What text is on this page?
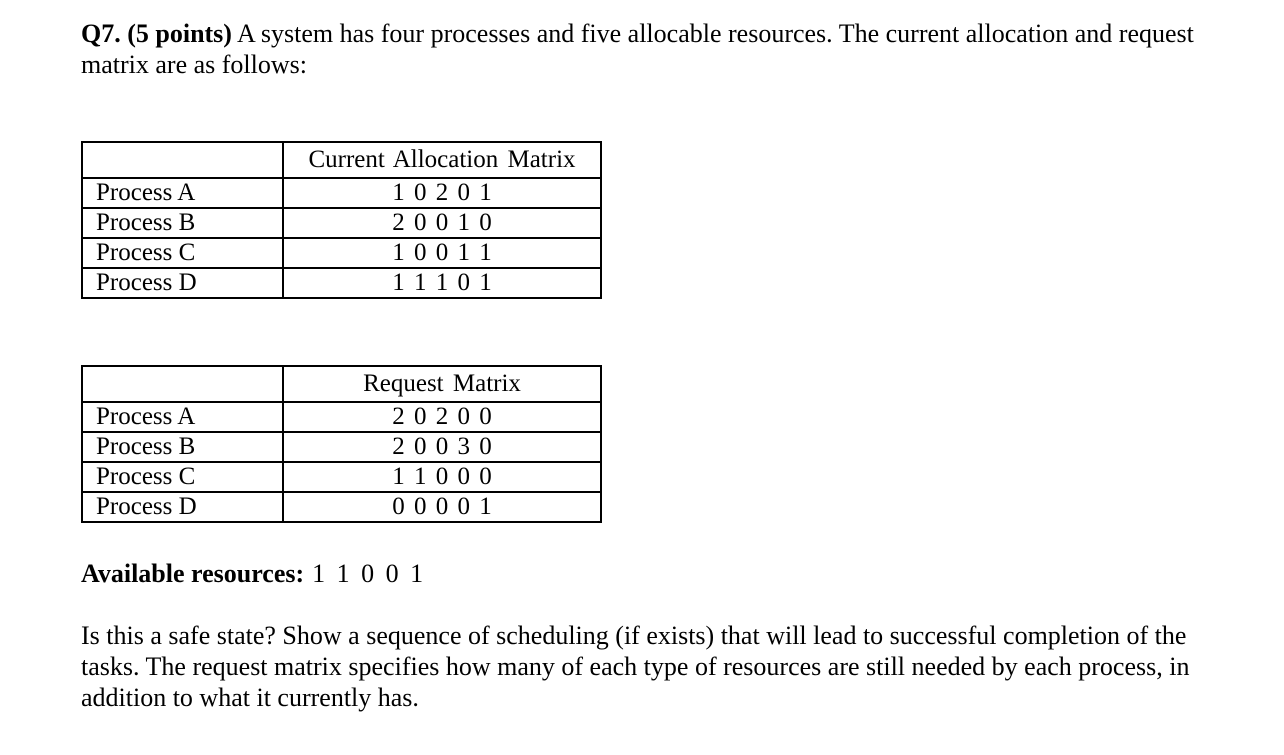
Q7. (5 points) A system has four processes and five allocable resources. The current allocation and request matrix are as follows:

	Current Allocation Matrix
Process A	1 0 2 0 1
Process B	2 0 0 1 0
Process C	1 0 0 1 1
Process D	1 1 1 0 1
	Request Matrix
Process A	2 0 2 0 0
Process B	2 0 0 3 0
Process C	1 1 0 0 0
Process D	0 0 0 0 1

Available resources: 1 1 0 0 1

Is this a safe state? Show a sequence of scheduling (if exists) that will lead to successful completion of the tasks. The request matrix specifies how many of each type of resources are still needed by each process, in addition to what it currently has.
